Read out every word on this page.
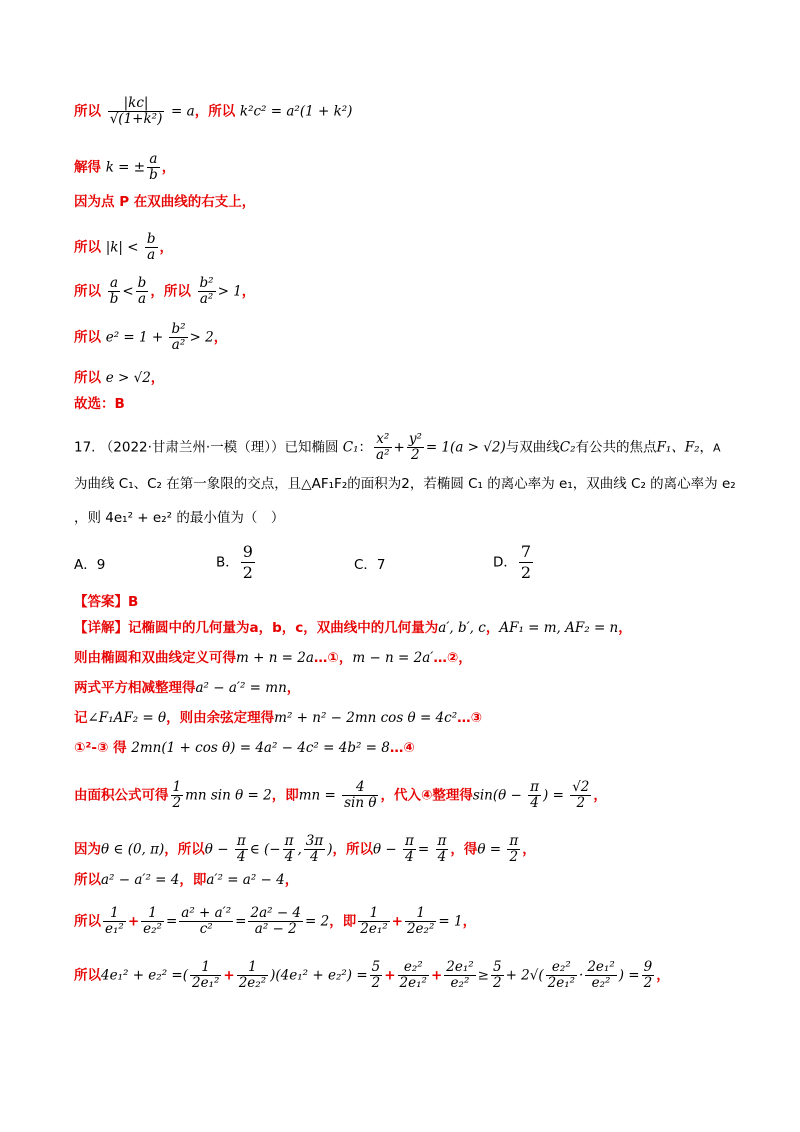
所以 $\frac{|kc|}{\text{√(1+k²)}} = a$，所以 k²c² = a²(1 + k²)
解得 k = ± $\frac{a}{b}$ ，
因为点 P 在双曲线的右支上，
所以 $|k| < \frac{b}{a}$ ，
所以 $\frac{a}{b} < \frac{b}{a}$ ，所以 $\frac{\text{b²}}{\text{a²}} > 1$，
所以 $e^2 = 1 + \frac{\text{b²}}{\text{a²}} > 2$，
所以 e > √2，
故选：B
17. （2022·甘肃兰州·一模（理））已知椭圆 C₁： $\frac{\text{x²}}{\text{a²}} + \frac{\text{y²}}{2} = 1(a > √2)$与双曲线C₂有公共的焦点F₁、F₂，A
为曲线 C₁、C₂ 在第一象限的交点，且△AF₁F₂的面积为2，若椭圆 C₁ 的离心率为 e₁，双曲线 C₂ 的离心率为 e₂
，则 4e₁² + e₂² 的最小值为（　）
A．9	B． $\frac{9}{2}$	C．7	D． $\frac{7}{2}$
【答案】B
【详解】记椭圆中的几何量为a，b，c，双曲线中的几何量为a′, b′, c，AF₁ = m, AF₂ = n，
则由椭圆和双曲线定义可得m + n = 2a…①，m − n = 2a′…②，
两式平方相减整理得a² − a′² = mn，
记∠F₁AF₂ = θ，则由余弦定理得m² + n² − 2mn cos θ = 4c²…③
①²-③ 得 2mn(1 + cos θ) = 4a² − 4c² = 4b² = 8…④
由面积公式可得 $\frac{1}{2}$ mn sin θ = 2，即mn = $\frac{4}{\text{sin θ}}$ ，代入④整理得$\sin(\theta - \frac{\pi}{4}$ ) = $\frac{√2}{2}$ ，
因为θ ∈ (0, π)，所以$\theta - \frac{\pi}{4}$ ∈ (− $\frac{\pi}{4}$ , $\frac{3\pi}{4}$ )，所以$\theta - \frac{\pi}{4} = \frac{\pi}{4}$ ，得$\theta = \frac{\pi}{2}$ ，
所以a² − a′² = 4，即a′² = a² − 4，
所以 $\frac{1}{\text{e₁²}} + \frac{1}{\text{e₂²}} = \frac{\text{a² + a′²}}{\text{c²}} = \frac{\text{2a² − 4}}{\text{a² − 2}} = 2$，即 $\frac{1}{\text{2e₁²}} + \frac{1}{\text{2e₂²}} = 1$，
所以4e₁² + e₂² =( $\frac{1}{\text{2e₁²}} + \frac{1}{\text{2e₂²}} )(4e_1^2 + e_2^2) = \frac{5}{2} + \frac{\text{e₂²}}{\text{2e₁²}} + \frac{\text{2e₁²}}{\text{e₂²}} \ge \frac{5}{2} + 2√( \frac{\text{e₂²}}{\text{2e₁²}} \cdot \frac{\text{2e₁²}}{\text{e₂²}}$ ) = $\frac{9}{2}$ ，
